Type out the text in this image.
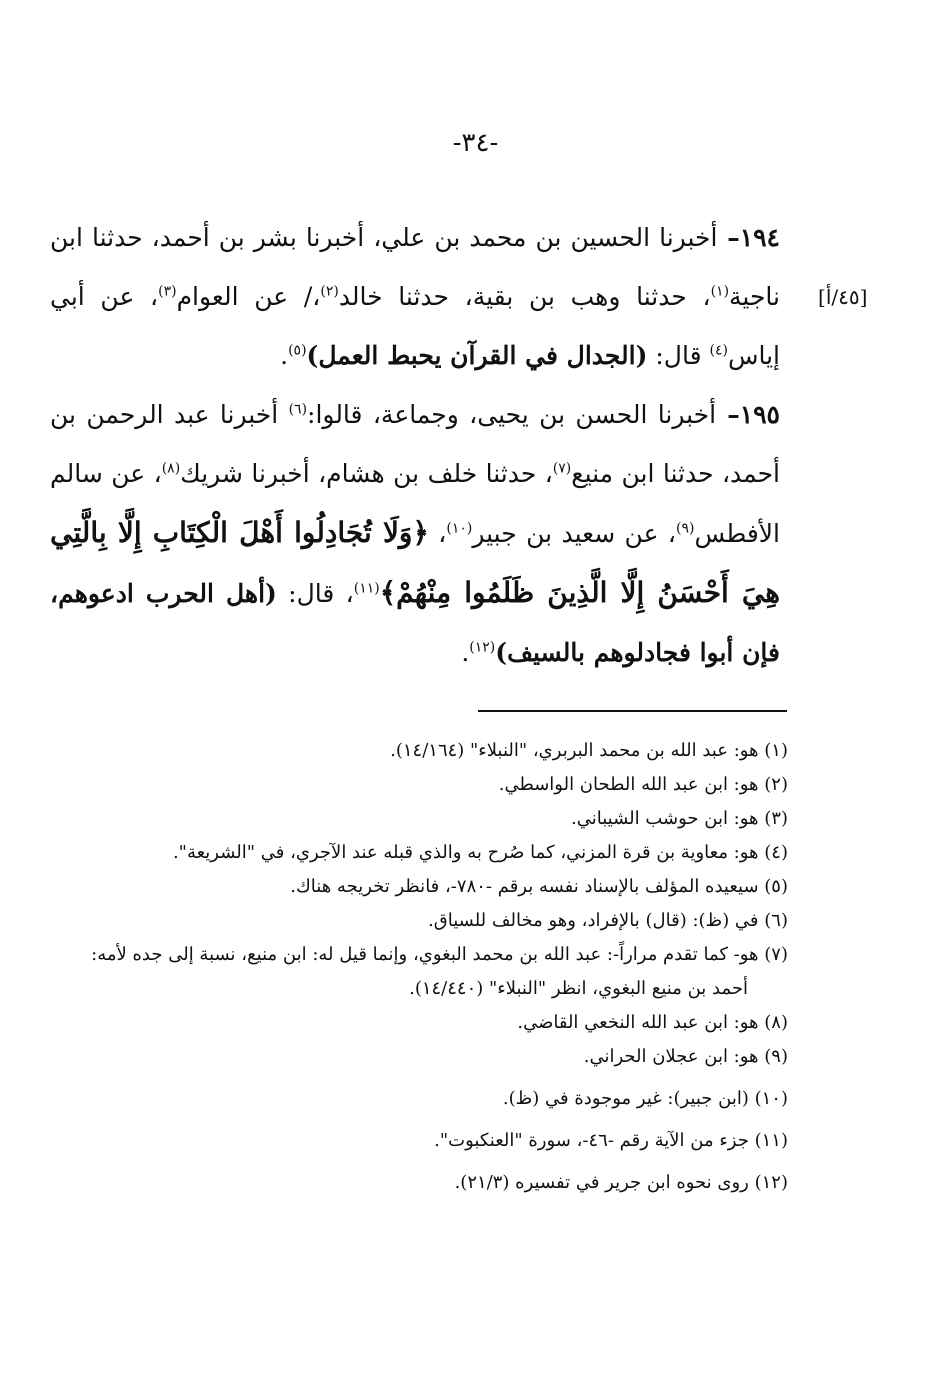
-٣٤-
[٤٥/أ]

١٩٤– أخبرنا الحسين بن محمد بن علي، أخبرنا بشر بن أحمد، حدثنا ابن ناجية$^{(١)}$، حدثنا وهب بن بقية، حدثنا خالد$^{(٢)}$،/ عن العوام$^{(٣)}$، عن أبي إياس$^{(٤)}$ قال: (الجدال في القرآن يحبط العمل)$^{(٥)}$.

١٩٥– أخبرنا الحسن بن يحيى، وجماعة، قالوا:$^{(٦)}$ أخبرنا عبد الرحمن بن أحمد، حدثنا ابن منيع$^{(٧)}$، حدثنا خلف بن هشام، أخبرنا شريك$^{(٨)}$، عن سالم الأفطس$^{(٩)}$، عن سعيد بن جبير$^{(١٠)}$، ﴿وَلَا تُجَادِلُوا أَهْلَ الْكِتَابِ إِلَّا بِالَّتِي هِيَ أَحْسَنُ إِلَّا الَّذِينَ ظَلَمُوا مِنْهُمْ﴾$^{(١١)}$، قال: (أهل الحرب ادعوهم، فإن أبوا فجادلوهم بالسيف)$^{(١٢)}$.

(١) هو: عبد الله بن محمد البربري، "النبلاء" (١٤/١٦٤).

(٢) هو: ابن عبد الله الطحان الواسطي.

(٣) هو: ابن حوشب الشيباني.

(٤) هو: معاوية بن قرة المزني، كما صُرح به والذي قبله عند الآجري، في "الشريعة".

(٥) سيعيده المؤلف بالإسناد نفسه برقم -٧٨٠-، فانظر تخريجه هناك.

(٦) في (ظ): (قال) بالإفراد، وهو مخالف للسياق.

(٧) هو- كما تقدم مراراً-: عبد الله بن محمد البغوي، وإنما قيل له: ابن منيع، نسبة إلى جده لأمه:

أحمد بن منيع البغوي، انظر "النبلاء" (١٤/٤٤٠).

(٨) هو: ابن عبد الله النخعي القاضي.

(٩) هو: ابن عجلان الحراني.

(١٠) (ابن جبير): غير موجودة في (ظ).

(١١) جزء من الآية رقم -٤٦-، سورة "العنكبوت".

(١٢) روى نحوه ابن جرير في تفسيره (٢١/٣).
